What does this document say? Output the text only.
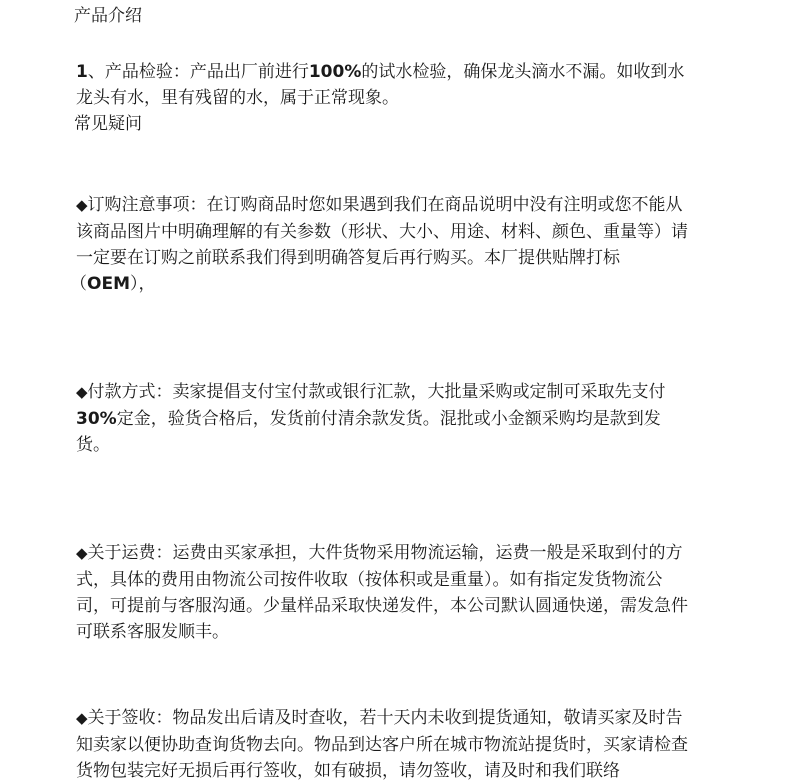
产品介绍
1、产品检验：产品出厂前进行100%的试水检验，确保龙头滴水不漏。如收到水
龙头有水，里有残留的水，属于正常现象。
常见疑问
◆订购注意事项：在订购商品时您如果遇到我们在商品说明中没有注明或您不能从
该商品图片中明确理解的有关参数（形状、大小、用途、材料、颜色、重量等）请
一定要在订购之前联系我们得到明确答复后再行购买。本厂提供贴牌打标
（OEM），
◆付款方式：卖家提倡支付宝付款或银行汇款，大批量采购或定制可采取先支付
30%定金，验货合格后，发货前付清余款发货。混批或小金额采购均是款到发
货。
◆关于运费：运费由买家承担，大件货物采用物流运输，运费一般是采取到付的方
式，具体的费用由物流公司按件收取（按体积或是重量）。如有指定发货物流公
司，可提前与客服沟通。少量样品采取快递发件，本公司默认圆通快递，需发急件
可联系客服发顺丰。
◆关于签收：物品发出后请及时查收，若十天内未收到提货通知，敬请买家及时告
知卖家以便协助查询货物去向。物品到达客户所在城市物流站提货时，买家请检查
货物包装完好无损后再行签收，如有破损，请勿签收，请及时和我们联络
